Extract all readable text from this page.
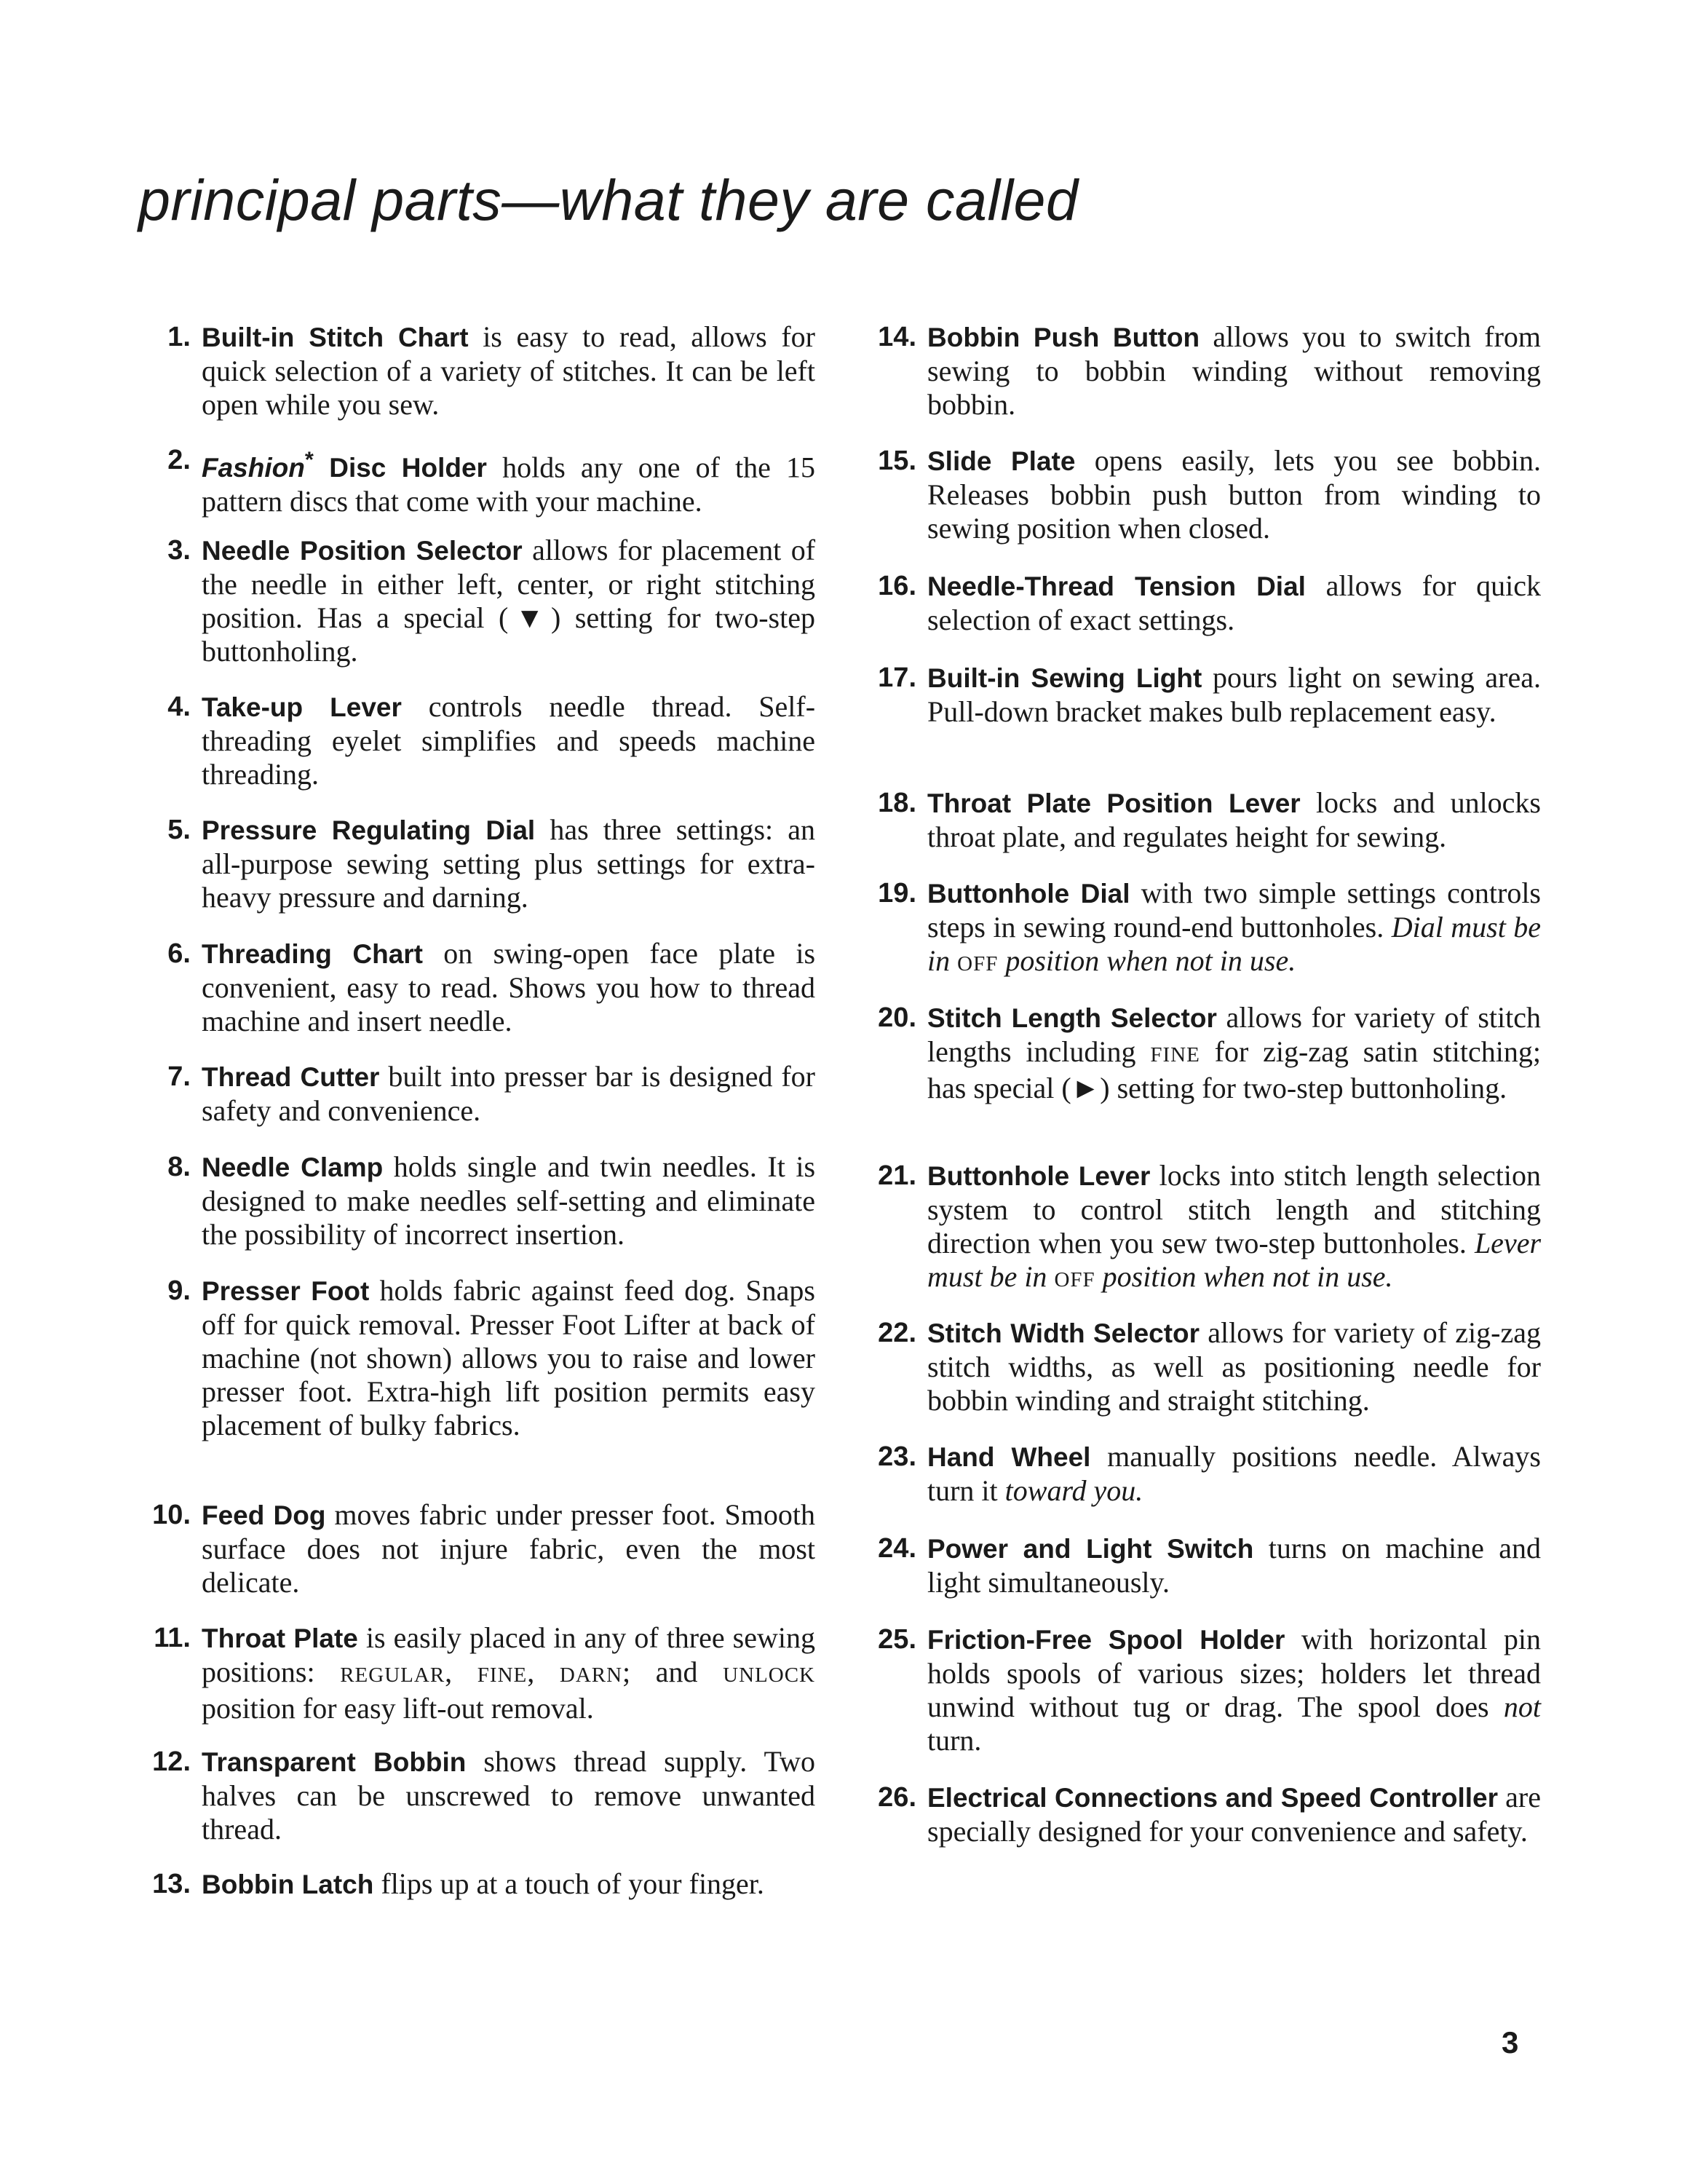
principal parts—what they are called
1. Built-in Stitch Chart is easy to read, allows for quick selection of a variety of stitches. It can be left open while you sew.
2. Fashion* Disc Holder holds any one of the 15 pattern discs that come with your machine.
3. Needle Position Selector allows for placement of the needle in either left, center, or right stitching position. Has a special (▼) setting for two-step buttonholing.
4. Take-up Lever controls needle thread. Self-threading eyelet simplifies and speeds machine threading.
5. Pressure Regulating Dial has three settings: an all-purpose sewing setting plus settings for extra-heavy pressure and darning.
6. Threading Chart on swing-open face plate is convenient, easy to read. Shows you how to thread machine and insert needle.
7. Thread Cutter built into presser bar is designed for safety and convenience.
8. Needle Clamp holds single and twin needles. It is designed to make needles self-setting and eliminate the possibility of incorrect insertion.
9. Presser Foot holds fabric against feed dog. Snaps off for quick removal. Presser Foot Lifter at back of machine (not shown) allows you to raise and lower presser foot. Extra-high lift position permits easy placement of bulky fabrics.
10. Feed Dog moves fabric under presser foot. Smooth surface does not injure fabric, even the most delicate.
11. Throat Plate is easily placed in any of three sewing positions: REGULAR, FINE, DARN; and UNLOCK position for easy lift-out removal.
12. Transparent Bobbin shows thread supply. Two halves can be unscrewed to remove unwanted thread.
13. Bobbin Latch flips up at a touch of your finger.
14. Bobbin Push Button allows you to switch from sewing to bobbin winding without removing bobbin.
15. Slide Plate opens easily, lets you see bobbin. Releases bobbin push button from winding to sewing position when closed.
16. Needle-Thread Tension Dial allows for quick selection of exact settings.
17. Built-in Sewing Light pours light on sewing area. Pull-down bracket makes bulb replacement easy.
18. Throat Plate Position Lever locks and unlocks throat plate, and regulates height for sewing.
19. Buttonhole Dial with two simple settings controls steps in sewing round-end buttonholes. Dial must be in OFF position when not in use.
20. Stitch Length Selector allows for variety of stitch lengths including FINE for zig-zag satin stitching; has special (►) setting for two-step buttonholing.
21. Buttonhole Lever locks into stitch length selection system to control stitch length and stitching direction when you sew two-step buttonholes. Lever must be in OFF position when not in use.
22. Stitch Width Selector allows for variety of zig-zag stitch widths, as well as positioning needle for bobbin winding and straight stitching.
23. Hand Wheel manually positions needle. Always turn it toward you.
24. Power and Light Switch turns on machine and light simultaneously.
25. Friction-Free Spool Holder with horizontal pin holds spools of various sizes; holders let thread unwind without tug or drag. The spool does not turn.
26. Electrical Connections and Speed Controller are specially designed for your convenience and safety.
3
